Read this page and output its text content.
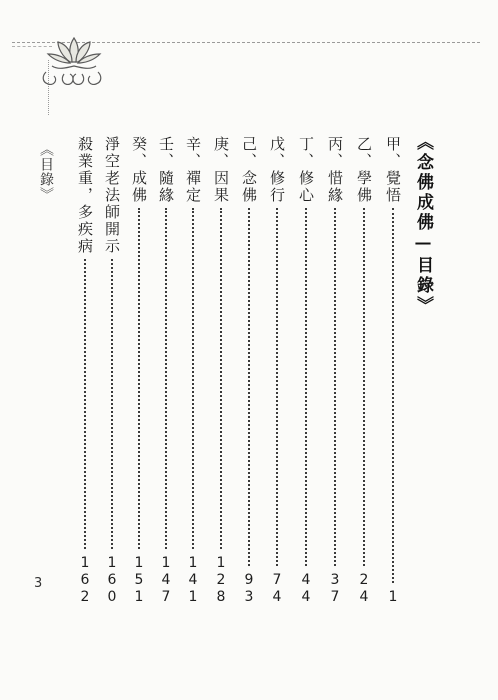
《目錄》
3
《念佛成佛—目錄》
甲、覺悟
1
乙、學佛
24
丙、惜緣
37
丁、修心
44
戊、修行
74
己、念佛
93
庚、因果
128
辛、禪定
141
壬、隨緣
147
癸、成佛
151
淨空老法師開示
160
殺業重，多疾病
162
